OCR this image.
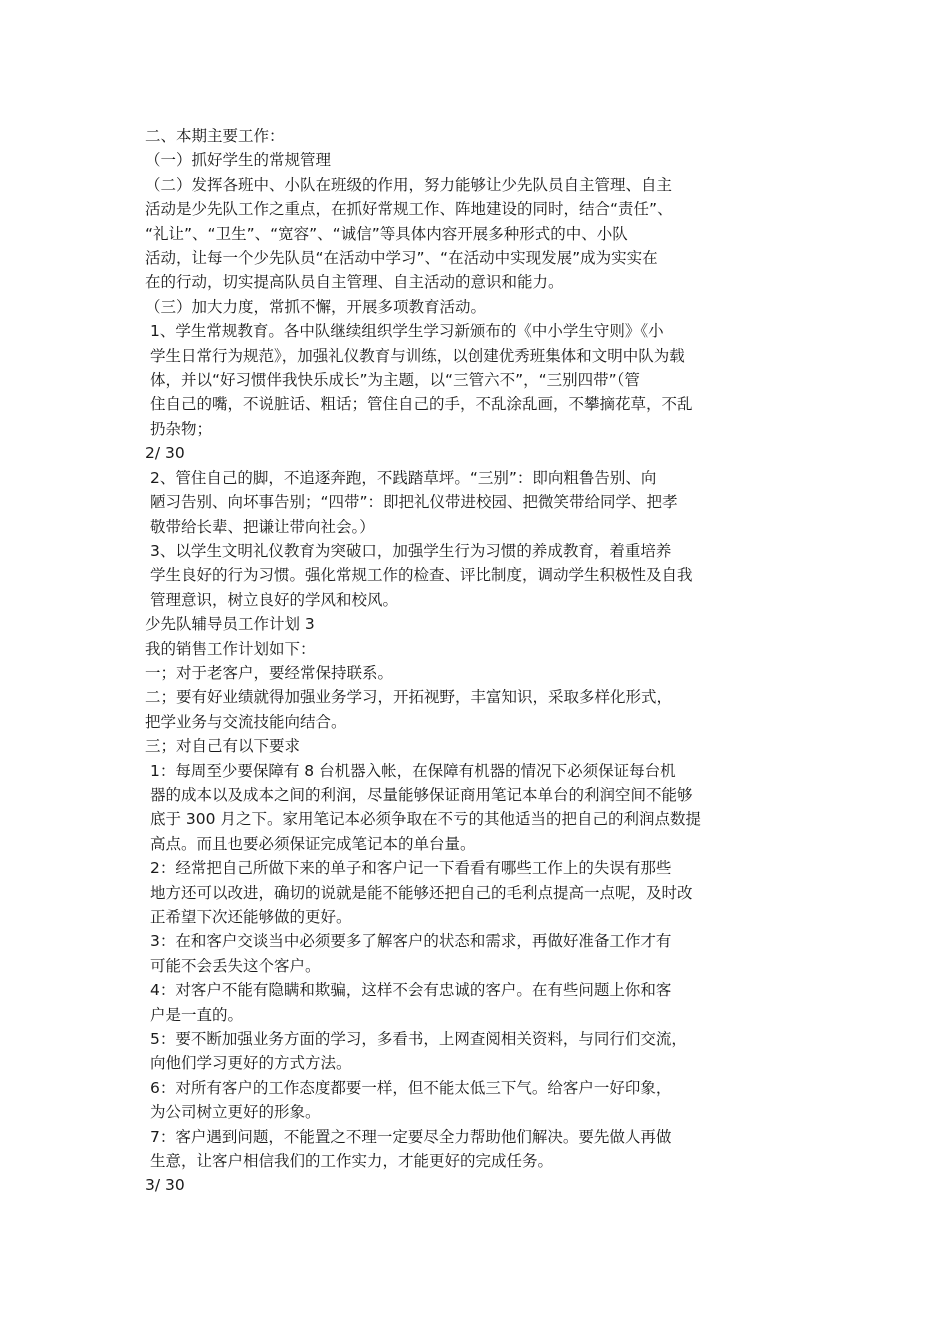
二、本期主要工作：
（一）抓好学生的常规管理
（二）发挥各班中、小队在班级的作用，努力能够让少先队员自主管理、自主
活动是少先队工作之重点，在抓好常规工作、阵地建设的同时，结合“责任”、
“礼让”、“卫生”、“宽容”、“诚信”等具体内容开展多种形式的中、小队
活动，让每一个少先队员“在活动中学习”、“在活动中实现发展”成为实实在
在的行动，切实提高队员自主管理、自主活动的意识和能力。
（三）加大力度，常抓不懈，开展多项教育活动。
1、学生常规教育。各中队继续组织学生学习新颁布的《中小学生守则》《小
学生日常行为规范》，加强礼仪教育与训练，以创建优秀班集体和文明中队为载
体，并以“好习惯伴我快乐成长”为主题，以“三管六不”，“三别四带”（管
住自己的嘴，不说脏话、粗话；管住自己的手，不乱涂乱画，不攀摘花草，不乱
扔杂物；
2/ 30
2、管住自己的脚，不追逐奔跑，不践踏草坪。“三别”：即向粗鲁告别、向
陋习告别、向坏事告别；“四带”：即把礼仪带进校园、把微笑带给同学、把孝
敬带给长辈、把谦让带向社会。）
3、以学生文明礼仪教育为突破口，加强学生行为习惯的养成教育，着重培养
学生良好的行为习惯。强化常规工作的检查、评比制度，调动学生积极性及自我
管理意识，树立良好的学风和校风。
少先队辅导员工作计划 3
我的销售工作计划如下：
一；对于老客户，要经常保持联系。
二；要有好业绩就得加强业务学习，开拓视野，丰富知识，采取多样化形式，
把学业务与交流技能向结合。
三；对自己有以下要求
1：每周至少要保障有 8 台机器入帐，在保障有机器的情况下必须保证每台机
器的成本以及成本之间的利润，尽量能够保证商用笔记本单台的利润空间不能够
底于 300 月之下。家用笔记本必须争取在不亏的其他适当的把自己的利润点数提
高点。而且也要必须保证完成笔记本的单台量。
2：经常把自己所做下来的单子和客户记一下看看有哪些工作上的失误有那些
地方还可以改进，确切的说就是能不能够还把自己的毛利点提高一点呢，及时改
正希望下次还能够做的更好。
3：在和客户交谈当中必须要多了解客户的状态和需求，再做好准备工作才有
可能不会丢失这个客户。
4：对客户不能有隐瞒和欺骗，这样不会有忠诚的客户。在有些问题上你和客
户是一直的。
5：要不断加强业务方面的学习，多看书，上网查阅相关资料，与同行们交流，
向他们学习更好的方式方法。
6：对所有客户的工作态度都要一样，但不能太低三下气。给客户一好印象，
为公司树立更好的形象。
7：客户遇到问题，不能置之不理一定要尽全力帮助他们解决。要先做人再做
生意，让客户相信我们的工作实力，才能更好的完成任务。
3/ 30
